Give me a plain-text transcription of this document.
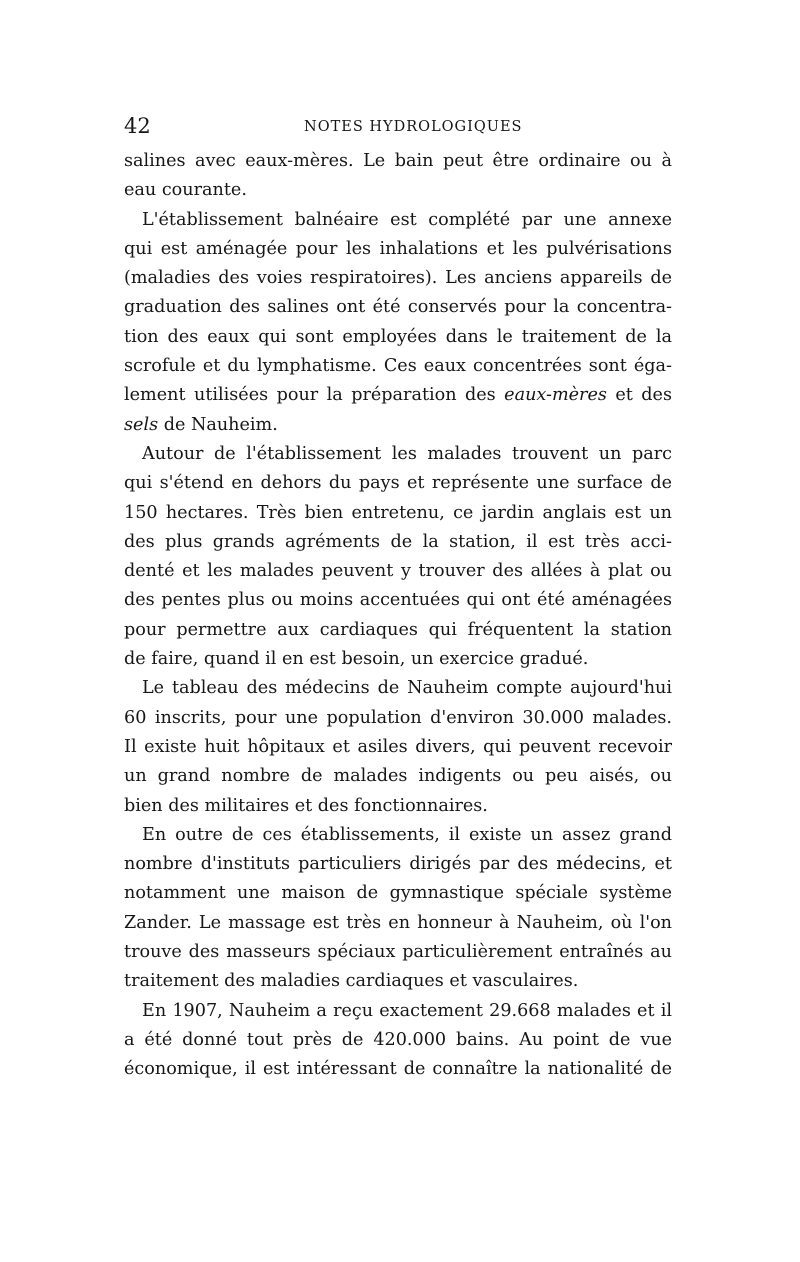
42	NOTES HYDROLOGIQUES
salines avec eaux-mères. Le bain peut être ordinaire ou à
eau courante.
L'établissement balnéaire est complété par une annexe
qui est aménagée pour les inhalations et les pulvérisations
(maladies des voies respiratoires). Les anciens appareils de
graduation des salines ont été conservés pour la concentra-
tion des eaux qui sont employées dans le traitement de la
scrofule et du lymphatisme. Ces eaux concentrées sont éga-
lement utilisées pour la préparation des eaux-mères et des
sels de Nauheim.
Autour de l'établissement les malades trouvent un parc
qui s'étend en dehors du pays et représente une surface de
150 hectares. Très bien entretenu, ce jardin anglais est un
des plus grands agréments de la station, il est très acci-
denté et les malades peuvent y trouver des allées à plat ou
des pentes plus ou moins accentuées qui ont été aménagées
pour permettre aux cardiaques qui fréquentent la station
de faire, quand il en est besoin, un exercice gradué.
Le tableau des médecins de Nauheim compte aujourd'hui
60 inscrits, pour une population d'environ 30.000 malades.
Il existe huit hôpitaux et asiles divers, qui peuvent recevoir
un grand nombre de malades indigents ou peu aisés, ou
bien des militaires et des fonctionnaires.
En outre de ces établissements, il existe un assez grand
nombre d'instituts particuliers dirigés par des médecins, et
notamment une maison de gymnastique spéciale système
Zander. Le massage est très en honneur à Nauheim, où l'on
trouve des masseurs spéciaux particulièrement entraînés au
traitement des maladies cardiaques et vasculaires.
En 1907, Nauheim a reçu exactement 29.668 malades et il
a été donné tout près de 420.000 bains. Au point de vue
économique, il est intéressant de connaître la nationalité de
